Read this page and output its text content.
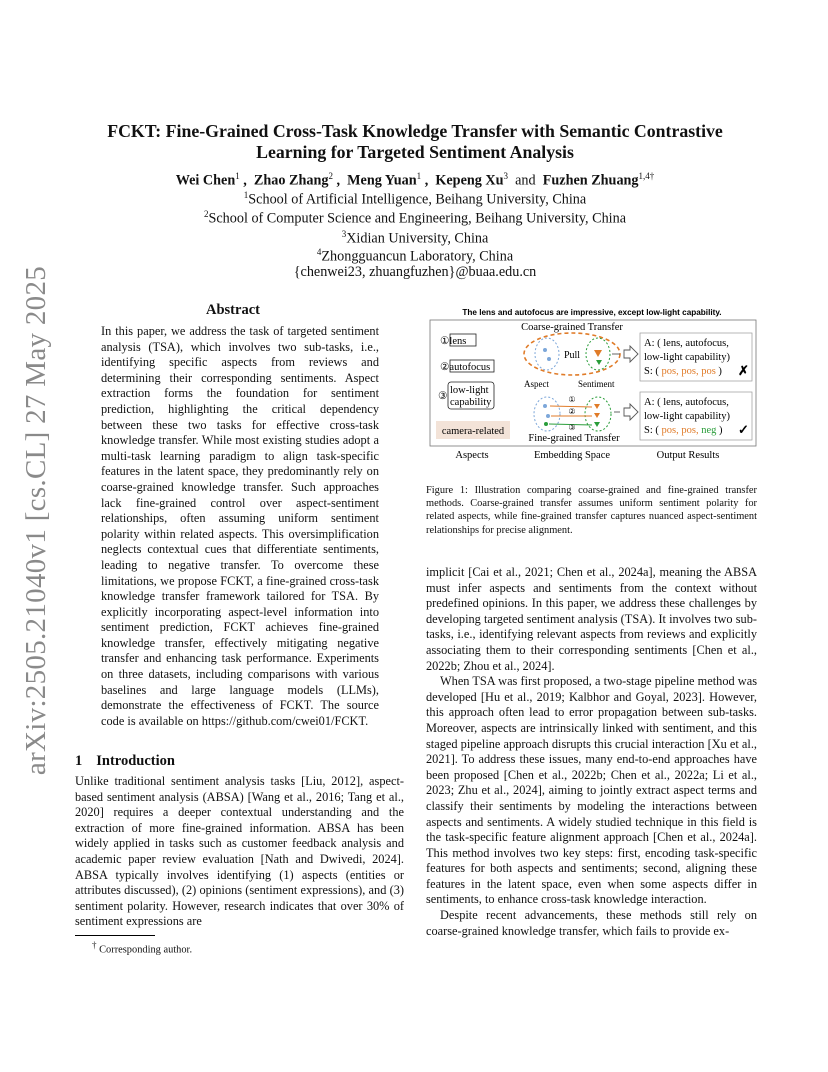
arXiv:2505.21040v1 [cs.CL] 27 May 2025
FCKT: Fine-Grained Cross-Task Knowledge Transfer with Semantic Contrastive
Learning for Targeted Sentiment Analysis
Wei Chen$^1$ ,  Zhao Zhang$^2$ ,  Meng Yuan$^1$ ,  Kepeng Xu$^3$  and  Fuzhen Zhuang$^{1,4\dagger}$
$^1$School of Artificial Intelligence, Beihang University, China
$^2$School of Computer Science and Engineering, Beihang University, China
$^3$Xidian University, China
$^4$Zhongguancun Laboratory, China
{chenwei23, zhuangfuzhen}@buaa.edu.cn
Abstract

In this paper, we address the task of targeted sentiment analysis (TSA), which involves two sub-tasks, i.e., identifying specific aspects from reviews and determining their corresponding sentiments. Aspect extraction forms the foundation for sentiment prediction, highlighting the critical dependency between these two tasks for effective cross-task knowledge transfer. While most existing studies adopt a multi-task learning paradigm to align task-specific features in the latent space, they predominantly rely on coarse-grained knowledge transfer. Such approaches lack fine-grained control over aspect-sentiment relationships, often assuming uniform sentiment polarity within related aspects. This oversimplification neglects contextual cues that differentiate sentiments, leading to negative transfer. To overcome these limitations, we propose FCKT, a fine-grained cross-task knowledge transfer framework tailored for TSA. By explicitly incorporating aspect-level information into sentiment prediction, FCKT achieves fine-grained knowledge transfer, effectively mitigating negative transfer and enhancing task performance. Experiments on three datasets, including comparisons with various baselines and large language models (LLMs), demonstrate the effectiveness of FCKT. The source code is available on https://github.com/cwei01/FCKT.

1 Introduction

Unlike traditional sentiment analysis tasks [Liu, 2012], aspect-based sentiment analysis (ABSA) [Wang et al., 2016; Tang et al., 2020] requires a deeper contextual understanding and the extraction of more fine-grained information. ABSA has been widely applied in tasks such as customer feedback analysis and academic paper review evaluation [Nath and Dwivedi, 2024]. ABSA typically involves identifying (1) aspects (entities or attributes discussed), (2) opinions (sentiment expressions), and (3) sentiment polarity. However, research indicates that over 30% of sentiment expressions are

† Corresponding author.
The lens and autofocus are impressive, except low-light capability.
①lens
②autofocus
③
low-light
capability
camera-related
Coarse-grained Transfer
Pull
Aspect	Sentiment
①
②
③
Fine-grained Transfer
A: ( lens, autofocus,
low-light capability)
S: ( pos, pos, pos ) ✗
A: ( lens, autofocus,
low-light capability)
S: ( pos, pos, neg ) ✓
Aspects	Embedding Space	Output Results
Figure 1: Illustration comparing coarse-grained and fine-grained transfer methods. Coarse-grained transfer assumes uniform sentiment polarity for related aspects, while fine-grained transfer captures nuanced aspect-sentiment relationships for precise alignment.

implicit [Cai et al., 2021; Chen et al., 2024a], meaning the ABSA must infer aspects and sentiments from the context without predefined opinions. In this paper, we address these challenges by developing targeted sentiment analysis (TSA). It involves two sub-tasks, i.e., identifying relevant aspects from reviews and explicitly associating them to their corresponding sentiments [Chen et al., 2022b; Zhou et al., 2024].

When TSA was first proposed, a two-stage pipeline method was developed [Hu et al., 2019; Kalbhor and Goyal, 2023]. However, this approach often lead to error propagation between sub-tasks. Moreover, aspects are intrinsically linked with sentiment, and this staged pipeline approach disrupts this crucial interaction [Xu et al., 2021]. To address these issues, many end-to-end approaches have been proposed [Chen et al., 2022b; Chen et al., 2022a; Li et al., 2023; Zhu et al., 2024], aiming to jointly extract aspect terms and classify their sentiments by modeling the interactions between aspects and sentiments. A widely studied technique in this field is the task-specific feature alignment approach [Chen et al., 2024a]. This method involves two key steps: first, encoding task-specific features for both aspects and sentiments; second, aligning these features in the latent space, even when some aspects differ in sentiments, to enhance cross-task knowledge interaction.

Despite recent advancements, these methods still rely on coarse-grained knowledge transfer, which fails to provide ex-
